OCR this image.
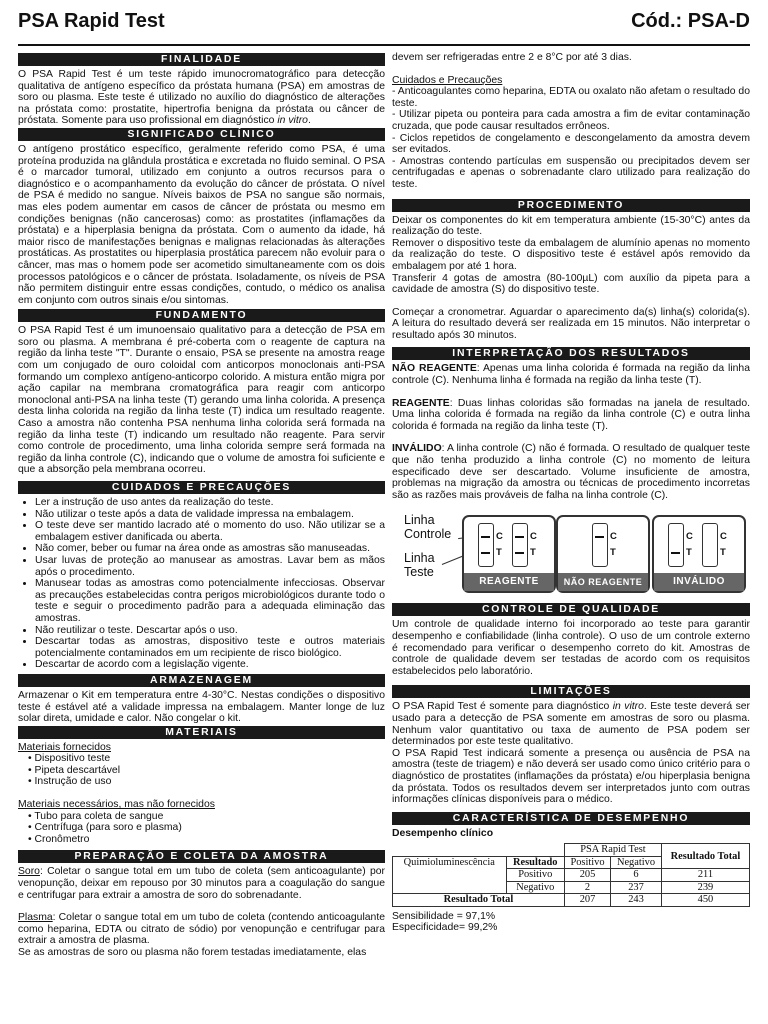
PSA Rapid Test	Cód.: PSA-D
FINALIDADE

O PSA Rapid Test é um teste rápido imunocromatográfico para detecção qualitativa de antígeno específico da próstata humana (PSA) em amostras de soro ou plasma. Este teste é utilizado no auxílio do diagnóstico de alterações na próstata como: prostatite, hipertrofia benigna da próstata ou câncer de próstata. Somente para uso profissional em diagnóstico in vitro.

SIGNIFICADO CLÍNICO

O antígeno prostático específico, geralmente referido como PSA, é uma proteína produzida na glândula prostática e excretada no fluido seminal. O PSA é o marcador tumoral, utilizado em conjunto a outros recursos para o diagnóstico e o acompanhamento da evolução do câncer de próstata. O nível de PSA é medido no sangue. Níveis baixos de PSA no sangue são normais, mas eles podem aumentar em casos de câncer de próstata ou mesmo em condições benignas (não cancerosas) como: as prostatites (inflamações da próstata) e a hiperplasia benigna da próstata. Com o aumento da idade, há maior risco de manifestações benignas e malignas relacionadas às alterações prostáticas. As prostatites ou hiperplasia prostática parecem não evoluir para o câncer, mas mas o homem pode ser acometido simultaneamente com os dois processos patológicos e o câncer de próstata. Isoladamente, os níveis de PSA não permitem distinguir entre essas condições, contudo, o médico os analisa em conjunto com outros sinais e/ou sintomas.

FUNDAMENTO

O PSA Rapid Test é um imunoensaio qualitativo para a detecção de PSA em soro ou plasma. A membrana é pré-coberta com o reagente de captura na região da linha teste "T". Durante o ensaio, PSA se presente na amostra reage com um conjugado de ouro coloidal com anticorpos monoclonais anti-PSA formando um complexo antígeno-anticorpo colorido. A mistura então migra por ação capilar na membrana cromatográfica para reagir com anticorpo monoclonal anti-PSA na linha teste (T) gerando uma linha colorida. A presença desta linha colorida na região da linha teste (T) indica um resultado reagente. Caso a amostra não contenha PSA nenhuma linha colorida será formada na região da linha teste (T) indicando um resultado não reagente. Para servir como controle de procedimento, uma linha colorida sempre será formada na região da linha controle (C), indicando que o volume de amostra foi suficiente e que a absorção pela membrana ocorreu.

CUIDADOS E PRECAUÇÕES
• Ler a instrução de uso antes da realização do teste.
• Não utilizar o teste após a data de validade impressa na embalagem.
• O teste deve ser mantido lacrado até o momento do uso. Não utilizar se a embalagem estiver danificada ou aberta.
• Não comer, beber ou fumar na área onde as amostras são manuseadas.
• Usar luvas de proteção ao manusear as amostras. Lavar bem as mãos após o procedimento.
• Manusear todas as amostras como potencialmente infecciosas. Observar as precauções estabelecidas contra perigos microbiológicos durante todo o teste e seguir o procedimento padrão para a adequada eliminação das amostras.
• Não reutilizar o teste. Descartar após o uso.
• Descartar todas as amostras, dispositivo teste e outros materiais potencialmente contaminados em um recipiente de risco biológico.
• Descartar de acordo com a legislação vigente.
ARMAZENAGEM

Armazenar o Kit em temperatura entre 4-30°C. Nestas condições o dispositivo teste é estável até a validade impressa na embalagem. Manter longe de luz solar direta, umidade e calor. Não congelar o kit.

MATERIAIS
Materiais fornecidos
• Dispositivo teste
• Pipeta descartável
• Instrução de uso
Materiais necessários, mas não fornecidos
• Tubo para coleta de sangue
• Centrífuga (para soro e plasma)
• Cronômetro
PREPARAÇÃO E COLETA DA AMOSTRA

Soro: Coletar o sangue total em um tubo de coleta (sem anticoagulante) por venopunção, deixar em repouso por 30 minutos para a coagulação do sangue e centrifugar para extrair a amostra de soro do sobrenadante.

Plasma: Coletar o sangue total em um tubo de coleta (contendo anticoagulante como heparina, EDTA ou citrato de sódio) por venopunção e centrifugar para extrair a amostra de plasma.

Se as amostras de soro ou plasma não forem testadas imediatamente, elas

devem ser refrigeradas entre 2 e 8°C por até 3 dias.

Cuidados e Precauções

- Anticoagulantes como heparina, EDTA ou oxalato não afetam o resultado do teste.

- Utilizar pipeta ou ponteira para cada amostra a fim de evitar contaminação cruzada, que pode causar resultados errôneos.

- Ciclos repetidos de congelamento e descongelamento da amostra devem ser evitados.

- Amostras contendo partículas em suspensão ou precipitados devem ser centrifugadas e apenas o sobrenadante claro utilizado para realização do teste.

PROCEDIMENTO

Deixar os componentes do kit em temperatura ambiente (15-30°C) antes da realização do teste.

Remover o dispositivo teste da embalagem de alumínio apenas no momento da realização do teste. O dispositivo teste é estável após removido da embalagem por até 1 hora.

Transferir 4 gotas de amostra (80-100µL) com auxílio da pipeta para a cavidade de amostra (S) do dispositivo teste.

Começar a cronometrar. Aguardar o aparecimento da(s) linha(s) colorida(s). A leitura do resultado deverá ser realizada em 15 minutos. Não interpretar o resultado após 30 minutos.

INTERPRETAÇÃO DOS RESULTADOS

NÃO REAGENTE: Apenas uma linha colorida é formada na região da linha controle (C). Nenhuma linha é formada na região da linha teste (T).

REAGENTE: Duas linhas coloridas são formadas na janela de resultado. Uma linha colorida é formada na região da linha controle (C) e outra linha colorida é formada na região da linha teste (T).

INVÁLIDO: A linha controle (C) não é formada. O resultado de qualquer teste que não tenha produzido a linha controle (C) no momento de leitura especificado deve ser descartado. Volume insuficiente de amostra, problemas na migração da amostra ou técnicas de procedimento incorretas são as razões mais prováveis de falha na linha controle (C).

Linha
Controle
Linha
Teste
C
T
C
T
REAGENTE
C
T
NÃO REAGENTE
C
T
C
T
INVÁLIDO
CONTROLE DE QUALIDADE

Um controle de qualidade interno foi incorporado ao teste para garantir desempenho e confiabilidade (linha controle). O uso de um controle externo é recomendado para verificar o desempenho correto do kit. Amostras de controle de qualidade devem ser testadas de acordo com os requisitos estabelecidos pelo laboratório.

LIMITAÇÕES

O PSA Rapid Test é somente para diagnóstico in vitro. Este teste deverá ser usado para a detecção de PSA somente em amostras de soro ou plasma. Nenhum valor quantitativo ou taxa de aumento de PSA podem ser determinados por este teste qualitativo.

O PSA Rapid Test indicará somente a presença ou ausência de PSA na amostra (teste de triagem) e não deverá ser usado como único critério para o diagnóstico de prostatites (inflamações da próstata) e/ou hiperplasia benigna da próstata. Todos os resultados devem ser interpretados junto com outras informações clínicas disponíveis para o médico.

CARACTERÍSTICA DE DESEMPENHO
Desempenho clínico
		PSA Rapid Test		Resultado Total
Quimioluminescência	Resultado	Positivo	Negativo	
	Positivo	205	6	211
	Negativo	2	237	239
Resultado Total		207	243	450
Sensibilidade = 97,1%
Especificidade= 99,2%
